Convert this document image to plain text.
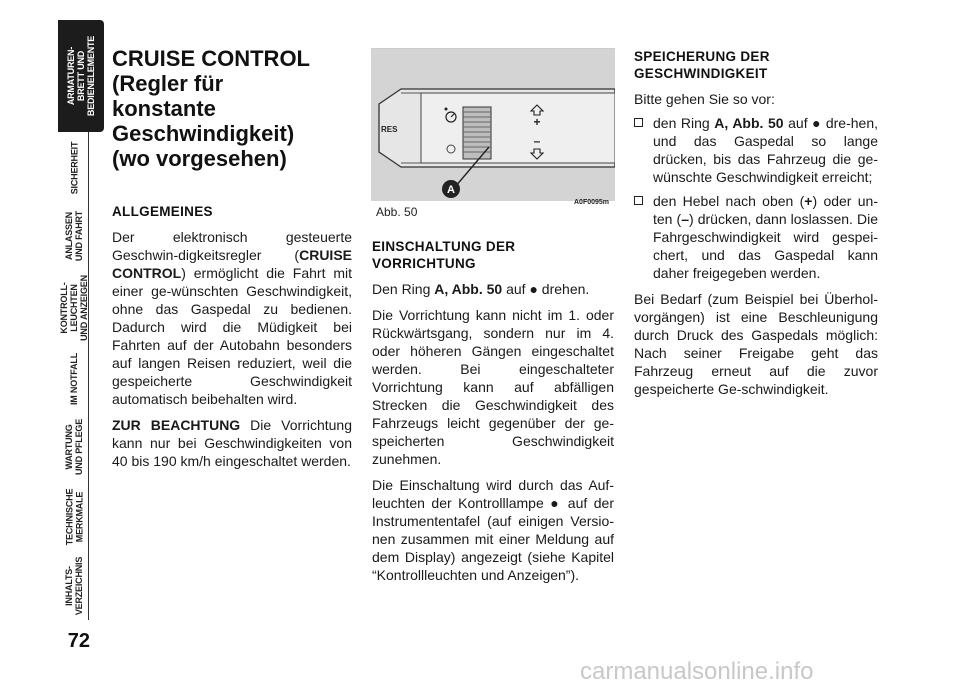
ARMATUREN-
BRETT UND
BEDIENELEMENTE
SICHERHEIT
ANLASSEN
UND FAHRT
KONTROLL-
LEUCHTEN
UND ANZEIGEN
IM NOTFALL
WARTUNG
UND PFLEGE
TECHNISCHE
MERKMALE
INHALTS-
VERZEICHNIS
72
CRUISE CONTROL
(Regler für
konstante
Geschwindigkeit)
(wo vorgesehen)
ALLGEMEINES

Der elektronisch gesteuerte Geschwin-digkeitsregler (CRUISE CONTROL) ermöglicht die Fahrt mit einer ge-wünschten Geschwindigkeit, ohne das Gaspedal zu bedienen. Dadurch wird die Müdigkeit bei Fahrten auf der Autobahn besonders auf langen Reisen reduziert, weil die gespeicherte Geschwindigkeit automatisch beibehalten wird.

ZUR BEACHTUNG Die Vorrichtung kann nur bei Geschwindigkeiten von 40 bis 190 km/h eingeschaltet werden.

+
–
RES
A
Abb. 50
A0F0095m
EINSCHALTUNG DER
VORRICHTUNG

Den Ring A, Abb. 50 auf ● drehen.

Die Vorrichtung kann nicht im 1. oder Rückwärtsgang, sondern nur im 4. oder höheren Gängen eingeschaltet werden. Bei eingeschalteter Vorrichtung kann auf abfälligen Strecken die Geschwindigkeit des Fahrzeugs leicht gegenüber der ge-speicherten Geschwindigkeit zunehmen.

Die Einschaltung wird durch das Auf-leuchten der Kontrolllampe ● auf der Instrumententafel (auf einigen Versio-nen zusammen mit einer Meldung auf dem Display) angezeigt (siehe Kapitel “Kontrollleuchten und Anzeigen”).

SPEICHERUNG DER
GESCHWINDIGKEIT

Bitte gehen Sie so vor:

den Ring A, Abb. 50 auf ● dre-hen, und das Gaspedal so lange drücken, bis das Fahrzeug die ge-wünschte Geschwindigkeit erreicht;

den Hebel nach oben (+) oder un-ten (–) drücken, dann loslassen. Die Fahrgeschwindigkeit wird gespei-chert, und das Gaspedal kann daher freigegeben werden.

Bei Bedarf (zum Beispiel bei Überhol-vorgängen) ist eine Beschleunigung durch Druck des Gaspedals möglich: Nach seiner Freigabe geht das Fahrzeug erneut auf die zuvor gespeicherte Ge-schwindigkeit.

carmanualsonline.info
